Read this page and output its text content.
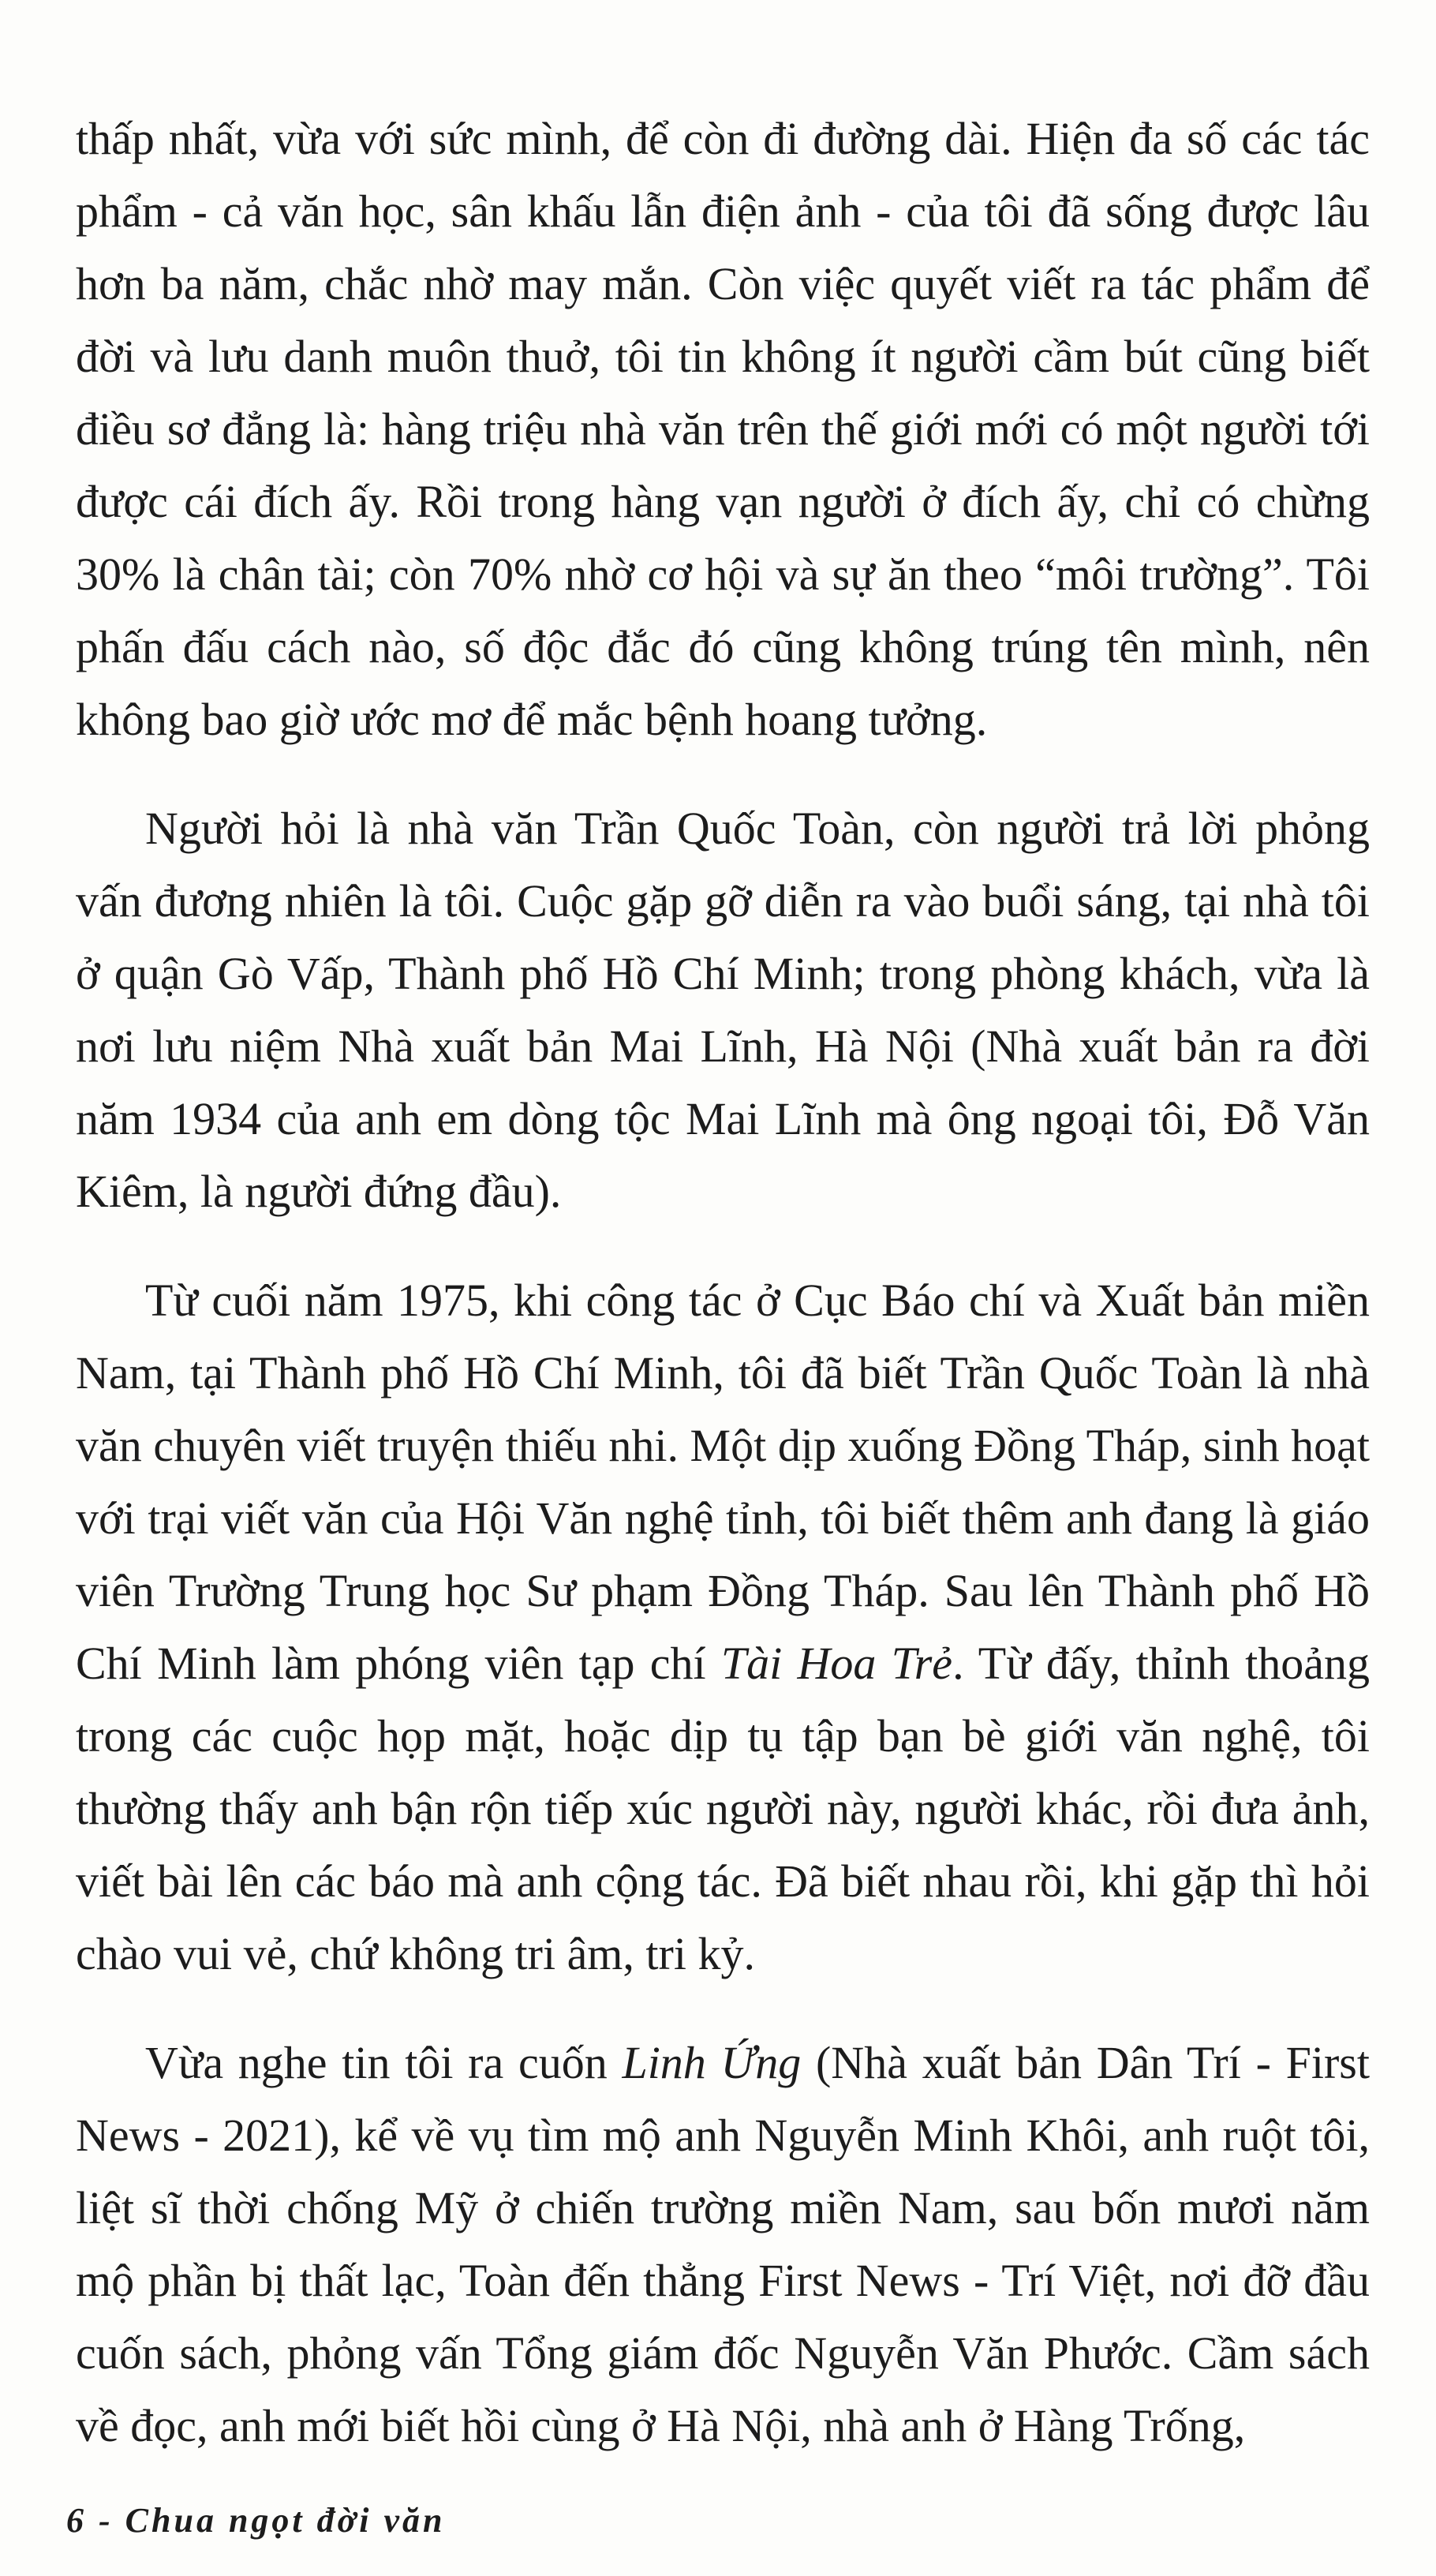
thấp nhất, vừa với sức mình, để còn đi đường dài. Hiện đa số các tác phẩm - cả văn học, sân khấu lẫn điện ảnh - của tôi đã sống được lâu hơn ba năm, chắc nhờ may mắn. Còn việc quyết viết ra tác phẩm để đời và lưu danh muôn thuở, tôi tin không ít người cầm bút cũng biết điều sơ đẳng là: hàng triệu nhà văn trên thế giới mới có một người tới được cái đích ấy. Rồi trong hàng vạn người ở đích ấy, chỉ có chừng 30% là chân tài; còn 70% nhờ cơ hội và sự ăn theo “môi trường”. Tôi phấn đấu cách nào, số độc đắc đó cũng không trúng tên mình, nên không bao giờ ước mơ để mắc bệnh hoang tưởng.

Người hỏi là nhà văn Trần Quốc Toàn, còn người trả lời phỏng vấn đương nhiên là tôi. Cuộc gặp gỡ diễn ra vào buổi sáng, tại nhà tôi ở quận Gò Vấp, Thành phố Hồ Chí Minh; trong phòng khách, vừa là nơi lưu niệm Nhà xuất bản Mai Lĩnh, Hà Nội (Nhà xuất bản ra đời năm 1934 của anh em dòng tộc Mai Lĩnh mà ông ngoại tôi, Đỗ Văn Kiêm, là người đứng đầu).

Từ cuối năm 1975, khi công tác ở Cục Báo chí và Xuất bản miền Nam, tại Thành phố Hồ Chí Minh, tôi đã biết Trần Quốc Toàn là nhà văn chuyên viết truyện thiếu nhi. Một dịp xuống Đồng Tháp, sinh hoạt với trại viết văn của Hội Văn nghệ tỉnh, tôi biết thêm anh đang là giáo viên Trường Trung học Sư phạm Đồng Tháp. Sau lên Thành phố Hồ Chí Minh làm phóng viên tạp chí Tài Hoa Trẻ. Từ đấy, thỉnh thoảng trong các cuộc họp mặt, hoặc dịp tụ tập bạn bè giới văn nghệ, tôi thường thấy anh bận rộn tiếp xúc người này, người khác, rồi đưa ảnh, viết bài lên các báo mà anh cộng tác. Đã biết nhau rồi, khi gặp thì hỏi chào vui vẻ, chứ không tri âm, tri kỷ.

Vừa nghe tin tôi ra cuốn Linh Ứng (Nhà xuất bản Dân Trí - First News - 2021), kể về vụ tìm mộ anh Nguyễn Minh Khôi, anh ruột tôi, liệt sĩ thời chống Mỹ ở chiến trường miền Nam, sau bốn mươi năm mộ phần bị thất lạc, Toàn đến thẳng First News - Trí Việt, nơi đỡ đầu cuốn sách, phỏng vấn Tổng giám đốc Nguyễn Văn Phước. Cầm sách về đọc, anh mới biết hồi cùng ở Hà Nội, nhà anh ở Hàng Trống,

6 - Chua ngọt đời văn
